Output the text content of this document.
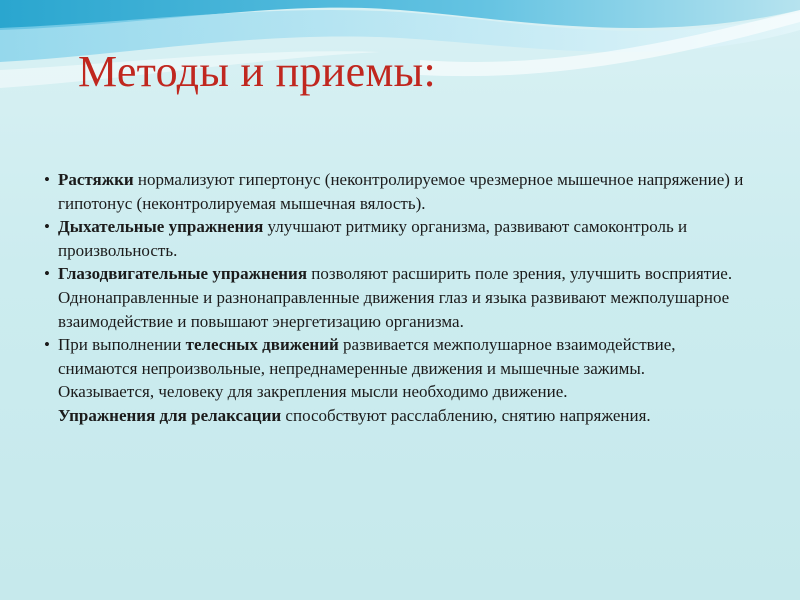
Методы и приемы:
• Растяжки нормализуют гипертонус (неконтролируемое чрезмерное мышечное напряжение) и гипотонус (неконтролируемая мышечная вялость).
• Дыхательные упражнения улучшают ритмику организма, развивают самоконтроль и произвольность.
• Глазодвигательные упражнения позволяют расширить поле зрения, улучшить восприятие. Однонаправленные и разнонаправленные движения глаз и языка развивают межполушарное взаимодействие и повышают энергетизацию организма.
• При выполнении телесных движений развивается межполушарное взаимодействие, снимаются непроизвольные, непреднамеренные движения и мышечные зажимы. Оказывается, человеку для закрепления мысли необходимо движение.
Упражнения для релаксации способствуют расслаблению, снятию напряжения.
